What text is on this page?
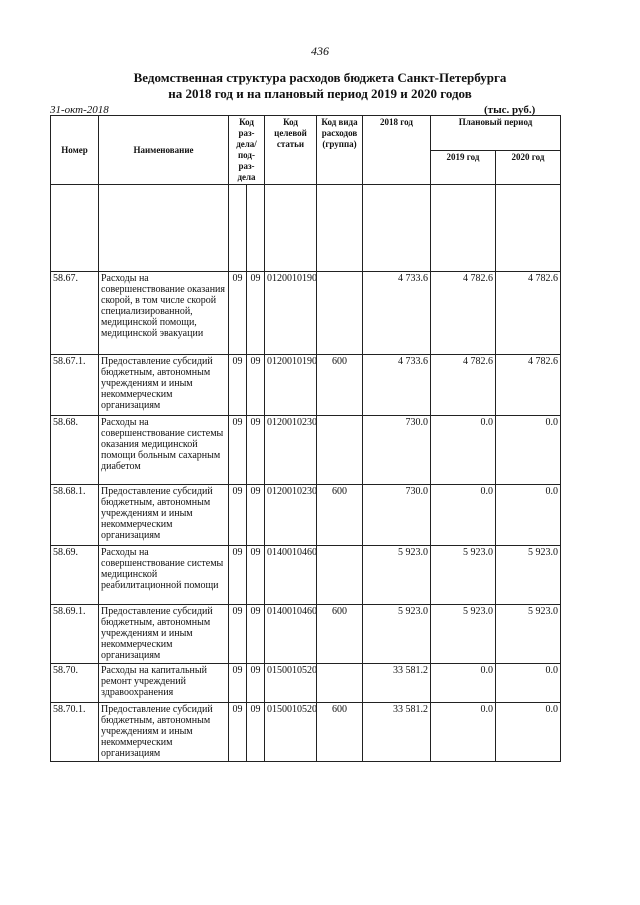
436
Ведомственная структура расходов бюджета Санкт-Петербурга
на 2018 год и на плановый период 2019 и 2020 годов
31-окт-2018	(тыс. руб.)
Номер	Наименование	Код раз- дела/ под- раз- дела		Код целевой статьи	Код вида расходов (группа)	2018 год	Плановый период	
							2019 год	2020 год

58.67.	Расходы на совершенствование оказания скорой, в том числе скорой специализированной, медицинской помощи, медицинской эвакуации	09	09	0120010190		4 733.6	4 782.6	4 782.6
58.67.1.	Предоставление субсидий бюджетным, автономным учреждениям и иным некоммерческим организациям	09	09	0120010190	600	4 733.6	4 782.6	4 782.6
58.68.	Расходы на совершенствование системы оказания медицинской помощи больным сахарным диабетом	09	09	0120010230		730.0	0.0	0.0
58.68.1.	Предоставление субсидий бюджетным, автономным учреждениям и иным некоммерческим организациям	09	09	0120010230	600	730.0	0.0	0.0
58.69.	Расходы на совершенствование системы медицинской реабилитационной помощи	09	09	0140010460		5 923.0	5 923.0	5 923.0
58.69.1.	Предоставление субсидий бюджетным, автономным учреждениям и иным некоммерческим организациям	09	09	0140010460	600	5 923.0	5 923.0	5 923.0
58.70.	Расходы на капитальный ремонт учреждений здравоохранения	09	09	0150010520		33 581.2	0.0	0.0
58.70.1.	Предоставление субсидий бюджетным, автономным учреждениям и иным некоммерческим организациям	09	09	0150010520	600	33 581.2	0.0	0.0
